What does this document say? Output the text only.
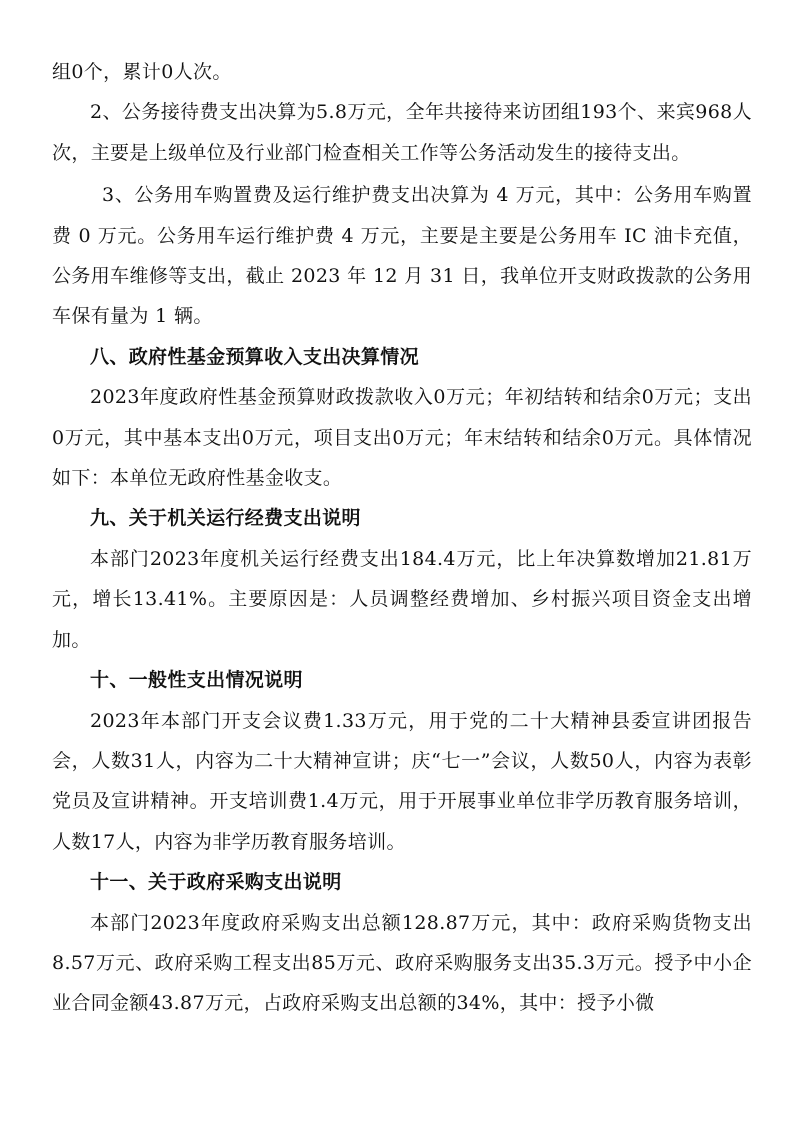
组0个，累计0人次。

2、公务接待费支出决算为5.8万元，全年共接待来访团组193个、来宾968人次，主要是上级单位及行业部门检查相关工作等公务活动发生的接待支出。

3、公务用车购置费及运行维护费支出决算为 4 万元，其中：公务用车购置费 0 万元。公务用车运行维护费 4 万元，主要是主要是公务用车 IC 油卡充值，公务用车维修等支出，截止 2023 年 12 月 31 日，我单位开支财政拨款的公务用车保有量为 1 辆。

八、政府性基金预算收入支出决算情况

2023年度政府性基金预算财政拨款收入0万元；年初结转和结余0万元；支出0万元，其中基本支出0万元，项目支出0万元；年末结转和结余0万元。具体情况如下：本单位无政府性基金收支。

九、关于机关运行经费支出说明

本部门2023年度机关运行经费支出184.4万元，比上年决算数增加21.81万元，增长13.41%。主要原因是：人员调整经费增加、乡村振兴项目资金支出增加。

十、一般性支出情况说明

2023年本部门开支会议费1.33万元，用于党的二十大精神县委宣讲团报告会，人数31人，内容为二十大精神宣讲；庆“七一”会议，人数50人，内容为表彰党员及宣讲精神。开支培训费1.4万元，用于开展事业单位非学历教育服务培训，人数17人，内容为非学历教育服务培训。

十一、关于政府采购支出说明

本部门2023年度政府采购支出总额128.87万元，其中：政府采购货物支出8.57万元、政府采购工程支出85万元、政府采购服务支出35.3万元。授予中小企业合同金额43.87万元，占政府采购支出总额的34%，其中：授予小微
